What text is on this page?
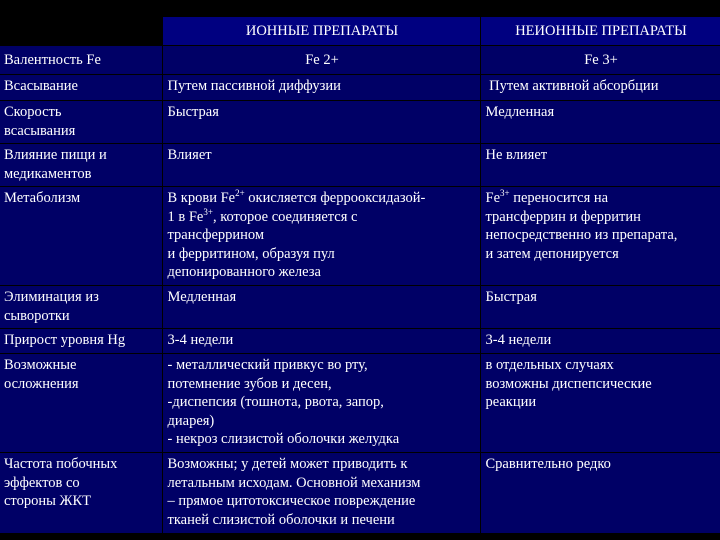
	ИОННЫЕ ПРЕПАРАТЫ	НЕИОННЫЕ ПРЕПАРАТЫ

Валентность Fe	Fe 2+	Fe 3+

Всасывание	Путем пассивной диффузии	Путем активной абсорбции

Скорость
всасывания	Быстрая	Медленная

Влияние пищи и
медикаментов	Влияет	Не влияет

Метаболизм	В крови $Fe^{2+}$ окисляется феррооксидазой-
1 в $Fe^{3+}$, которое соединяется с
трансферрином
и ферритином, образуя пул
депонированного железа	$Fe^{3+}$ переносится на
трансферрин и ферритин
непосредственно из препарата,
и затем депонируется

Элиминация из
сыворотки	Медленная	Быстрая

Прирост уровня Hg	3-4 недели	3-4 недели

Возможные
осложнения	- металлический привкус во рту,
потемнение зубов и десен,
-диспепсия (тошнота, рвота, запор,
диарея)
- некроз слизистой оболочки желудка	в отдельных случаях
возможны диспепсические
реакции

Частота побочных
эффектов со
стороны ЖКТ	Возможны; у детей может приводить к
летальным исходам. Основной механизм
– прямое цитотоксическое повреждение
тканей слизистой оболочки и печени	Сравнительно редко
